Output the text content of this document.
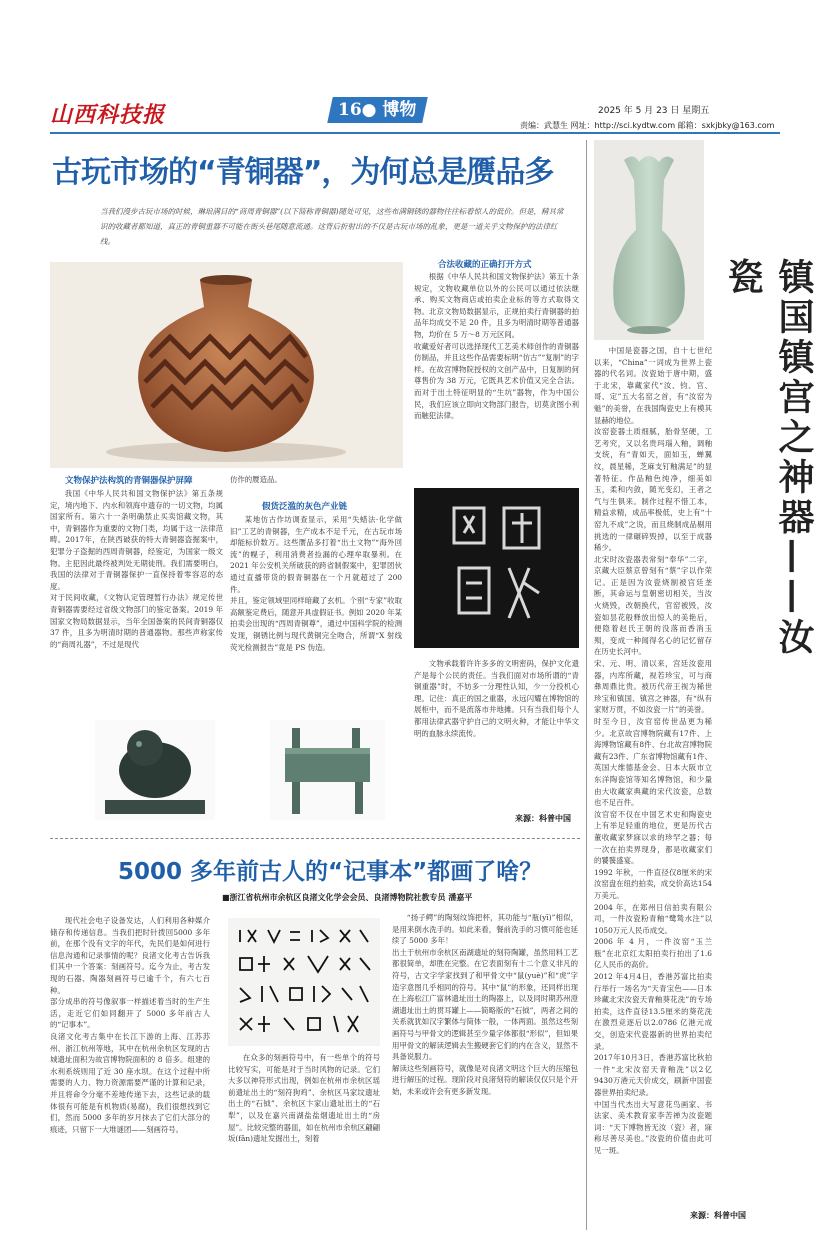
山西科技报	16● 博物	2025 年 5 月 23 日 星期五
责编：武慧生 网址：http://sci.kydtw.com 邮箱：sxkjbky@163.com
古玩市场的“青铜器”，为何总是赝品多
当我们漫步古玩市场的时候，琳琅满目的“商周青铜器”(以下简称青铜器)随处可见，这些布满铜锈的器物往往标着惊人的低价。但是，精具常识的收藏者都知道，真正的青铜重器不可能在街头巷尾随意流通。这背后折射出的不仅是古玩市场的乱象，更是一道关乎文物保护的法律红线。
文物保护法构筑的青铜器保护屏障
我国《中华人民共和国文物保护法》第五条规定，境内地下、内水和领海中遗存的一切文物，均属国家所有。第六十一条明确禁止买卖馆藏文物，其中，青铜器作为重要的文物门类，均属于这一法律范畴。2017年，在陕西破获的特大青铜器盗掘案中，犯罪分子盗掘的西周青铜器，经鉴定，为国家一级文物。主犯因此最终被判处无期徒刑。我们需要明白，我国的法律对于青铜器保护一直保持着零容忍的态度。
对于民间收藏，《文物认定管理暂行办法》规定传世青铜器需要经过省级文物部门的鉴定备案。2019 年国家文物局数据显示，当年全国备案的民间青铜器仅 37 件，且多为明清时期的普通器物。那些声称家传的“商周礼器”，不过是现代
仿作的赝造品。
假货泛滥的灰色产业链
某地仿古作坊调查显示，采用“失蜡法·化学做旧”工艺的青铜器，生产成本不足千元，在古玩市场却能标价数万。这些赝品多打着“出土文物”“海外回流”的幌子，利用消费者捡漏的心理牟取暴利。在 2021 年公安机关所破获的跨省制假案中，犯罪团伙通过直播带货的假青铜器在一个月就超过了 200 件。
并且，鉴定领域里同样暗藏了玄机。个别“专家”收取高额鉴定费后，随意开具虚假证书。例如 2020 年某拍卖会出现的“西周青铜尊”，通过中国科学院的检测发现，铜锈比例与现代黄铜完全吻合，所谓“X 射线荧光检测报告”竟是 PS 伪造。
合法收藏的正确打开方式
根据《中华人民共和国文物保护法》第五十条规定，文物收藏单位以外的公民可以通过依法继承、购买文物商店或拍卖企业标的等方式取得文物。北京文物局数据显示，正规拍卖行青铜器的拍品年均成交不足 20 件，且多为明清时期等普通器物，均价在 5 万～8 万元区间。
收藏爱好者可以选择现代工艺美术师创作的青铜器仿制品，并且这些作品需要标明“仿古”“复制”的字样。在故宫博物院授权的文创产品中，日复制的何尊售价为 38 万元，它既具艺术价值又完全合法。而对于出土特征明显的“生坑”器物，作为中国公民，我们应该立即向文物部门报告，切莫贪图小利而触犯法律。
文物承载着许许多多的文明密码，保护文化遗产是每个公民的责任。当我们面对市场所谓的“青铜重器”时，不妨多一分理性认知，少一分投机心理。记住：真正的国之重器，永远闪耀在博物馆的展柜中，而不是流落市井地摊。只有当我们每个人都用法律武器守护自己的文明火种，才能让中华文明的血脉永续流传。
来源：科普中国
镇国镇宫之神器——汝瓷
中国是瓷器之国，自十七世纪以来，“China”一词成为世界上瓷器的代名词。汝瓷始于唐中期，盛于北宋，靠藏家代“汝、钧、官、哥、定”五大名窑之首，有“汝窑为魁”的美誉，在我国陶瓷史上有模其显赫的地位。
汝窑瓷器土质细腻，胎骨坚硬，工艺考究，又以名贵玛瑙入釉，调釉支统，有“青如天，面如玉，蝉翼纹，晨星稀，芝麻支钉釉满足”的显著特征。作品釉色纯净，细美如玉，柔和内敛，随光变幻，王者之气与生俱来。制作过程不惜工本，精益求精，成品率极低，史上有“十窑九不成”之说，而且烧制成品剔用挑选的一律碾碎毁掉，以至于成器稀少。
北宋时汝瓷器表常刻“奉华”二字，京藏大臣蔡京曾刻有“蔡”字以作荣记。正是因为汝瓷烧制被宫廷垄断，其命运与皇朝密切相关，当汝火烧毁，改朝换代，官窑被毁，汝瓷如昙花般释放出惊人的美艳后，便隐着赵氏王朝的没落而香消玉殒，变成一种闻得名心的记忆留存在历史长河中。
宋、元、明、清以来，宫廷汝瓷用器，内库所藏，视若珍宝，可与商彝周鼎比贵。被历代帝王视为稀世珍宝和镇国、镇宫之神器，有“纵有家财万贯，不如汝瓷一片”的美誉。
时至今日，汝官窑传世品更为稀少。北京故宫博物院藏有17件、上海博物馆藏有8件、台北故宫博物院藏有23件、广东省博物馆藏有1件、英国大维德基金会、日本大阪市立东洋陶瓷馆等知名博物馆，和少量由大收藏家典藏的宋代汝瓷，总数也不足百件。
汝官窑不仅在中国艺术史和陶瓷史上有举足轻重的地位，更是历代古董收藏家梦寐以求的珍罕之器；每一次在拍卖界现身，都是收藏家们的饕餮盛宴。
1992 年秋，一件直径仅8厘米的宋汝窑盘在纽约拍卖，成交价高达154万美元。
2004 年，在郑州日信拍卖有限公司，一件汝瓷粉青釉“鹭鸶水注”以1050万元人民币成交。
2006 年 4 月，一件汝窑“玉兰瓶”在北京红太阳拍卖行拍出了1.6亿人民币的高价。
2012 年4月4日，香港苏富比拍卖行举行一场名为“天青宝色——日本珍藏北宋汝瓷天青釉葵花洗”的专场拍卖，这件直径13.5厘米的葵花洗在激烈竞逐后以2.0786 亿港元成交，创造宋代瓷器新的世界拍卖纪录。
2017年10月3日，香港苏富比秋拍一件“北宋汝窑天青釉洗”以2亿9430万港元天价成交，刷新中国瓷器世界拍卖纪录。
中国当代杰出大写意花鸟画家、书法家、美术教育家李苦禅为汝瓷题词：“天下博物皆无汝（瓷）者，寐称尽善尽美也。”汝瓷的价值由此可见一斑。
来源：科普中国
5000 多年前古人的“记事本”都画了啥？
■浙江省杭州市余杭区良渚文化学会会员、良渚博物院社教专员 潘嘉平
现代社会电子设备发达，人们利用各种媒介储存和传递信息。当我们把时针拨回5000 多年前，在那个没有文字的年代，先民们是如何进行信息沟通和记录事情的呢？良渚文化考古告诉我们其中一个答案：刻画符号。迄今为止，考古发现的石器、陶器刻画符号已逾千个，有六七百种。
部分成串的符号像叙事一样描述着当时的生产生活，走近它们如同翻开了 5000 多年前古人的“记事本”。
良渚文化考古集中在长江下游的上海、江苏苏州、浙江杭州等地，其中在杭州余杭区发现的古城遗址面积为故宫博物院面积的 8 倍多。组建的水利系统则用了近 30 座水坝。在这个过程中所需要的人力、物力资源需要严谨的计算和记录，并且将命令分毫不差地传递下去，这些记录的载体很有可能是有机物质(易腐)，我们很想找到它们，然而 5000 多年的岁月抹去了它们大部分的痕迹，只留下一大堆谜团——刻画符号。
在众多的刻画符号中，有一些单个的符号比较写实，可能是对于当时风物的记录。它们大多以神符形式出现，例如在杭州市余杭区瑶前遗址出土的“刻符狗鸡”、余杭区马家坟遗址出土的“石钺”、余杭区卞家山遗址出土的“石犁”，以及在嘉兴南湖盐盐烟遗址出土的“房屋”。比较完整的器皿，如在杭州市余杭区翩翩坂(fǎn)遗址发掘出土，刻着
“扬子鳄”的陶刻纹饰把杯，其功能与“瓶(yī)”相似，是用来倒水洗手的。如此来看，餐前洗手的习惯可能也延续了 5000 多年！
出土于杭州市余杭区南湖遗址的刻符陶罐，虽然用料工艺都很简单，却胜在完整。在它表面刻有十二个意义非凡的符号，古文字学家找到了和甲骨文中“鼠(yuè)”和“虎”字造字意图几乎相同的符号。其中“鼠”的形象，还同样出现在上海松江广富林遗址出土的陶器上，以及同时期苏州澄湖遗址出土的贯耳罐上——简略版的“石钺”，两者之间的关系就犹如汉字繁体与简体一般，一体两面。虽然这些刻画符号与甲骨文的逻辑甚至少量字体都很“形似”，但如果用甲骨文的解读逻辑去生搬硬套它们的内在含义，显然不具备说服力。
解读这些刻画符号，就像是对良渚文明这个巨大的压缩包进行解压的过程。现阶段对良渚刻符的解读仅仅只是个开始，未来或许会有更多新发现。
